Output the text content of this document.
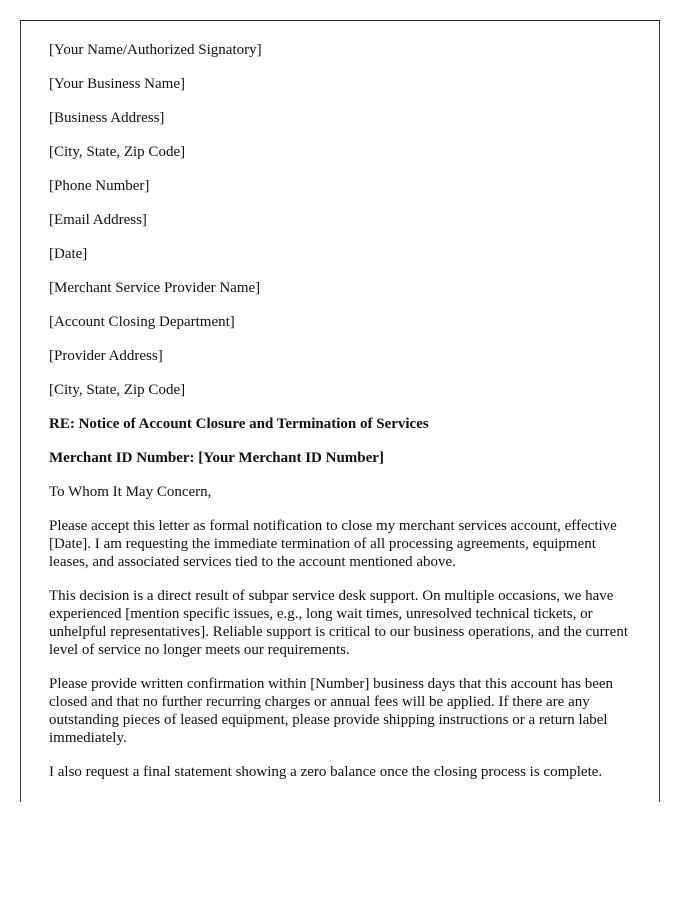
[Your Name/Authorized Signatory]

[Your Business Name]

[Business Address]

[City, State, Zip Code]

[Phone Number]

[Email Address]

[Date]

[Merchant Service Provider Name]

[Account Closing Department]

[Provider Address]

[City, State, Zip Code]

RE: Notice of Account Closure and Termination of Services

Merchant ID Number: [Your Merchant ID Number]

To Whom It May Concern,

Please accept this letter as formal notification to close my merchant services account, effective [Date]. I am requesting the immediate termination of all processing agreements, equipment leases, and associated services tied to the account mentioned above.

This decision is a direct result of subpar service desk support. On multiple occasions, we have experienced [mention specific issues, e.g., long wait times, unresolved technical tickets, or unhelpful representatives]. Reliable support is critical to our business operations, and the current level of service no longer meets our requirements.

Please provide written confirmation within [Number] business days that this account has been closed and that no further recurring charges or annual fees will be applied. If there are any outstanding pieces of leased equipment, please provide shipping instructions or a return label immediately.

I also request a final statement showing a zero balance once the closing process is complete.
